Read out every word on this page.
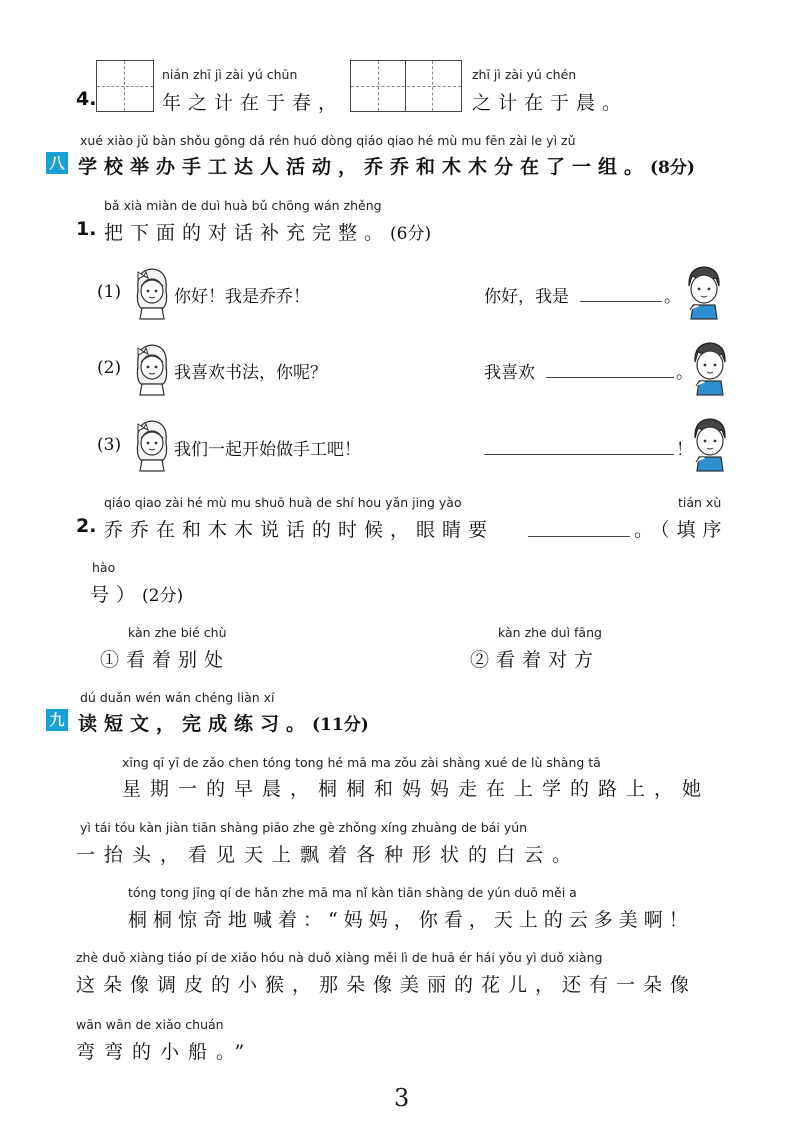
4.
nián zhī jì zài yú chūn
年之计在于春，
zhī jì zài yú chén
之计在于晨。
xué xiào jǔ bàn shǒu gōng dá rén huó dòng qiáo qiao hé mù mu fēn zài le yì zǔ
八 学校举办手工达人活动，乔乔和木木分在了一组。(8分)
bǎ xià miàn de duì huà bǔ chōng wán zhěng
1. 把下面的对话补充完整。(6分)
(1)	你好！我是乔乔！	你好，我是	。
(2)	我喜欢书法，你呢？	我喜欢	。
(3)	我们一起开始做手工吧！	！
qiáo qiao zài hé mù mu shuō huà de shí hou yǎn jing yào	tián xù
2. 乔乔在和木木说话的时候，眼睛要	。（填序
hào
号）(2分)
kàn zhe bié chù
①看着别处
kàn zhe duì fāng
②看着对方
dú duǎn wén wán chéng liàn xí
九 读短文，完成练习。(11分)
xīng qī yī de zǎo chen tóng tong hé mā ma zǒu zài shàng xué de lù shàng tā
星期一的早晨，桐桐和妈妈走在上学的路上，她
yì tái tóu kàn jiàn tiān shàng piāo zhe gè zhǒng xíng zhuàng de bái yún
一抬头，看见天上飘着各种形状的白云。
tóng tong jīng qí de hǎn zhe mā ma nǐ kàn tiān shàng de yún duō měi a
桐桐惊奇地喊着：“妈妈，你看，天上的云多美啊！
zhè duǒ xiàng tiáo pí de xiǎo hóu nà duǒ xiàng měi lì de huā ér hái yǒu yì duǒ xiàng
这朵像调皮的小猴，那朵像美丽的花儿，还有一朵像
wān wān de xiǎo chuán
弯弯的小船。”
3
